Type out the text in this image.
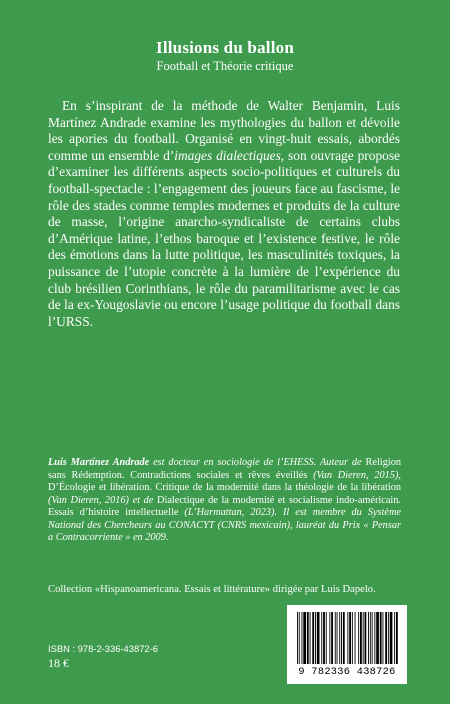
Illusions du ballon
Football et Théorie critique

En s’inspirant de la méthode de Walter Benjamin, Luis Martínez Andrade examine les mythologies du ballon et dévoile les apories du football. Organisé en vingt-huit essais, abordés comme un ensemble d’images dialectiques, son ouvrage propose d’examiner les différents aspects socio-politiques et culturels du football-spectacle : l’engagement des joueurs face au fascisme, le rôle des stades comme temples modernes et produits de la culture de masse, l’origine anarcho-syndicaliste de certains clubs d’Amérique latine, l’ethos baroque et l’existence festive, le rôle des émotions dans la lutte politique, les masculinités toxiques, la puissance de l’utopie concrète à la lumière de l’expérience du club brésilien Corinthians, le rôle du paramilitarisme avec le cas de la ex-Yougoslavie ou encore l’usage politique du football dans l’URSS.

Luis Martínez Andrade est docteur en sociologie de l’EHESS. Auteur de Religion sans Rédemption. Contradictions sociales et rêves éveillés (Van Dieren, 2015), D’Écologie et libération. Critique de la modernité dans la théologie de la libération (Van Dieren, 2016) et de Dialectique de la modernité et socialisme indo-américain. Essais d’histoire intellectuelle (L’Harmattan, 2023). Il est membre du Système National des Chercheurs au CONACYT (CNRS mexicain), lauréat du Prix « Pensar a Contracorriente » en 2009.

Collection «Hispanoamericana. Essais et littérature» dirigée par Luis Dapelo.

ISBN : 978-2-336-43872-6
18 €
9 782336 438726
